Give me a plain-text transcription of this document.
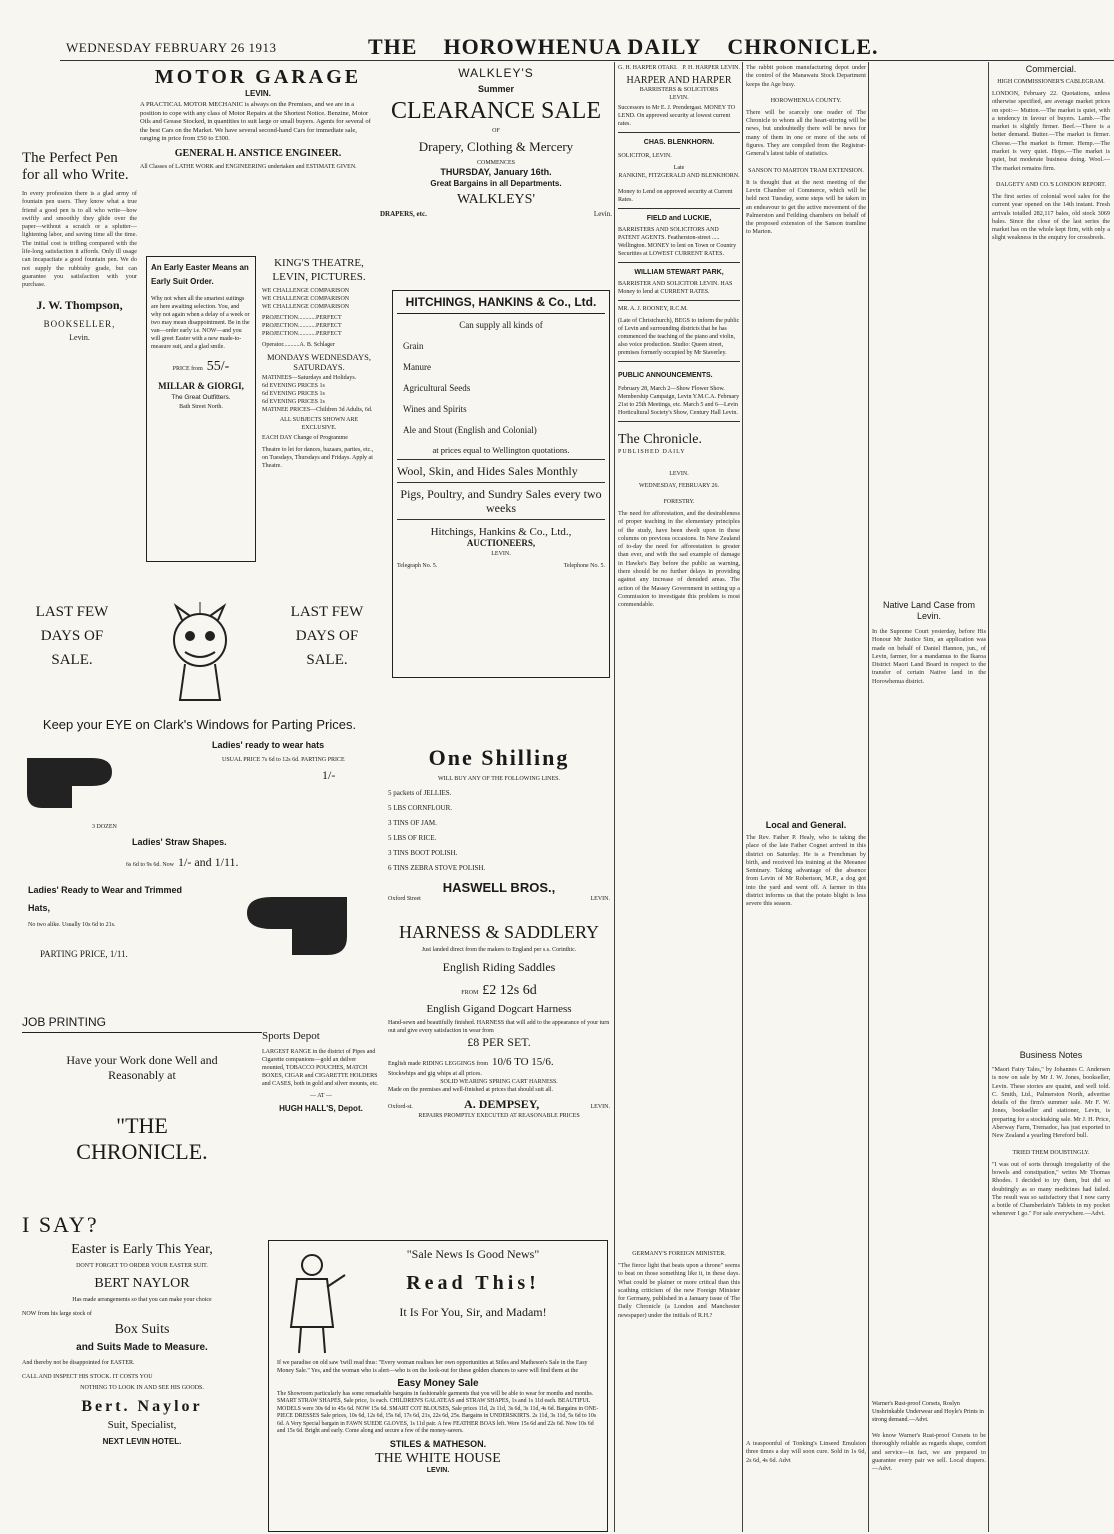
WEDNESDAY FEBRUARY 26 1913	THE HOROWHENUA DAILY CHRONICLE.
The Perfect Pen for all who Write.
In every profession there is a glad army of fountain pen users. They know what a true friend a good pen is to all who write—how swiftly and smoothly they glide over the paper—without a scratch or a splutter—lightening labor, and saving time all the time. The initial cost is trifling compared with the life-long satisfaction it affords. Only ill usage can incapacitate a good fountain pen. We do not supply the rubbishy grade, but can guarantee you satisfaction with your purchase.
J. W. Thompson,
BOOKSELLER,
Levin.
MOTOR GARAGE
LEVIN.
A PRACTICAL MOTOR MECHANIC is always on the Premises, and we are in a position to cope with any class of Motor Repairs at the Shortest Notice. Benzine, Motor Oils and Grease Stocked, in quantities to suit large or small buyers. Agents for several of the best Cars on the Market. We have several second-hand Cars for immediate sale, ranging in price from £50 to £300.
GENERAL H. ANSTICE ENGINEER.
All Classes of LATHE WORK and ENGINEERING undertaken and ESTIMATE GIVEN.
WALKLEY'S
Summer
CLEARANCE SALE
OF
Drapery, Clothing & Mercery
COMMENCES
THURSDAY, January 16th.
Great Bargains in all Departments.
WALKLEYS'
DRAPERS, etc.	Levin.
An Early Easter Means an Early Suit Order.
Why not when all the smartest suitings are here awaiting selection. You, and why not again when a delay of a week or two may mean disappointment. Be in the van—order early i.e. NOW—and you will greet Easter with a new made-to-measure suit, and a glad smile.
PRICE from 55/-
MILLAR & GIORGI,
The Great Outfitters.
Bath Street North.
KING'S THEATRE, LEVIN, PICTURES.
WE CHALLENGE COMPARISON
WE CHALLENGE COMPARISON
WE CHALLENGE COMPARISON
PROJECTION............PERFECT
PROJECTION............PERFECT
PROJECTION............PERFECT
Operator...........A. B. Schlager
MONDAYS WEDNESDAYS, SATURDAYS.
MATINEES—Saturdays and Holidays.
6d EVENING PRICES 1s
6d EVENING PRICES 1s
6d EVENING PRICES 1s
MATINEE PRICES—Children 3d Adults, 6d.
ALL SUBJECTS SHOWN ARE EXCLUSIVE.
EACH DAY Change of Programme
Theatre to let for dances, bazaars, parties, etc., on Tuesdays, Thursdays and Fridays. Apply at Theatre.
HITCHINGS, HANKINS & Co., Ltd.
Can supply all kinds of
Grain
Manure
Agricultural Seeds
Wines and Spirits
Ale and Stout (English and Colonial)
at prices equal to Wellington quotations.
Wool, Skin, and Hides Sales Monthly
Pigs, Poultry, and Sundry Sales every two weeks
Hitchings, Hankins & Co., Ltd.,
AUCTIONEERS,
LEVIN.
Telegraph No. 5.	Telephone No. 5.
LAST FEW DAYS OF SALE.
LAST FEW DAYS OF SALE.
Keep your EYE on Clark's Windows for Parting Prices.
Ladies' ready to wear hats
USUAL PRICE 7s 6d to 12s 6d. PARTING PRICE
1/-
3 DOZEN
Ladies' Straw Shapes.
6s 6d to 9s 6d. Now 1/- and 1/11.
Ladies' Ready to Wear and Trimmed Hats,
No two alike. Usually 10s 6d to 21s.
PARTING PRICE, 1/11.
One Shilling
WILL BUY ANY OF THE FOLLOWING LINES.
5 packets of JELLIES.
5 LBS CORNFLOUR.
3 TINS OF JAM.
5 LBS OF RICE.
3 TINS BOOT POLISH.
6 TINS ZEBRA STOVE POLISH.
HASWELL BROS.,
Oxford Street	LEVIN.
HARNESS & SADDLERY
Just landed direct from the makers to England per s.s. Corinthic.
English Riding Saddles
FROM £2 12s 6d
English Gigand Dogcart Harness
Hand-sewn and beautifully finished. HARNESS that will add to the appearance of your turn out and give every satisfaction in wear from
£8 PER SET.
English made RIDING LEGGINGS from 10/6 TO 15/6.
Stockwhips and gig whips at all prices.
SOLID WEARING SPRING CART HARNESS.
Made on the premises and well-finished at prices that should suit all.
Oxford-st.	A. DEMPSEY,	LEVIN.
REPAIRS PROMPTLY EXECUTED AT REASONABLE PRICES
JOB PRINTING
Have your Work done Well and Reasonably at
"THE CHRONICLE.
Sports Depot
LARGEST RANGE in the district of Pipes and Cigarette companions—gold an dsilver mounted, TOBACCO POUCHES, MATCH BOXES, CIGAR and CIGARETTE HOLDERS and CASES, both in gold and silver mounts, etc.
— AT —
HUGH HALL'S, Depot.
I SAY?
Easter is Early This Year,
DON'T FORGET TO ORDER YOUR EASTER SUIT.
BERT NAYLOR
Has made arrangements so that you can make your choice
NOW from his large stock of
Box Suits
and Suits Made to Measure.
And thereby not be disappointed for EASTER.
CALL AND INSPECT HIS STOCK. IT COSTS YOU
NOTHING TO LOOK IN AND SEE HIS GOODS.
Bert. Naylor
Suit, Specialist,
NEXT LEVIN HOTEL.
"Sale News Is Good News"
Read This!
It Is For You, Sir, and Madam!
If we paradise on old saw 'twill read thus: "Every woman realises her own opportunities at Stiles and Matheson's Sale in the Easy Money Sale." Yes, and the woman who is alert—who is on the look-out for these golden chances to save will find them at the
Easy Money Sale
The Showroom particularly has some remarkable bargains in fashionable garments that you will be able to wear for months and months. SMART STRAW SHAPES, Sale price, 1s each. CHILDREN'S GALATEAS and STRAW SHAPES, 1s and 1s 11d each. BEAUTIFUL MODELS were 30s 6d to 45s 6d. NOW 15s 6d. SMART COT BLOUSES, Sale prices 11d, 2s 11d, 3s 6d, 3s 11d, 4s 6d. Bargains in ONE-PIECE DRESSES Sale prices, 10s 6d, 12s 6d, 15s 6d, 17s 6d, 21s, 22s 6d, 25s. Bargains in UNDERSKIRTS. 2s 11d, 3s 11d, 5s 6d to 10s 6d. A Very Special bargain in FAWN SUEDE GLOVES, 1s 11d pair. A few FEATHER BOAS left. Were 15s 6d and 22s 6d. Now 10s 6d and 15s 6d. Bright and early. Come along and secure a few of the money-savers.
STILES & MATHESON.
THE WHITE HOUSE
LEVIN.
G. H. HARPER OTAKI. P. H. HARPER LEVIN.
HARPER AND HARPER
BARRISTERS & SOLICITORS
LEVIN.
Successors to Mr E. J. Prendergast. MONEY TO LEND. On approved security at lowest current rates.
CHAS. BLENKHORN.
SOLICITOR, LEVIN.
Late
RANKINE, FITZGERALD AND BLENKHORN.
Money to Lend on approved security at Current Rates.
FIELD and LUCKIE,
BARRISTERS AND SOLICITORS AND PATENT AGENTS. Featherston-street ..... Wellington. MONEY to lent on Town or Country Securities at LOWEST CURRENT RATES.
WILLIAM STEWART PARK,
BARRISTER AND SOLICITOR LEVIN. HAS Money to lend at CURRENT RATES.
MR. A. J. ROONEY, R.C.M.
(Late of Christchurch), BEGS to inform the public of Levin and surrounding districts that he has commenced the teaching of the piano and violin, also voice production. Studio: Queen street, premises formerly occupied by Mr Staverley.
PUBLIC ANNOUNCEMENTS.
February 28, March 2—Show Flower Show. Membership Campaign, Levin Y.M.C.A. February 21st to 25th Meetings, etc. March 5 and 6—Levin Horticultural Society's Show, Century Hall Levin.
The Chronicle.
PUBLISHED DAILY
LEVIN.
WEDNESDAY, FEBRUARY 26.
FORESTRY.
The need for afforestation, and the desirableness of proper teaching in the elementary principles of the study, have been dwelt upon in these columns on previous occasions. In New Zealand of to-day the need for afforestation is greater than ever, and with the sad example of damage in Hawke's Bay before the public as warning, there should be no further delays in providing against any increase of denuded areas. The action of the Massey Government in setting up a Commission to investigate this problem is most commendable.
GERMANY'S FOREIGN MINISTER.
"The fierce light that beats upon a throne" seems to beat on those something like it, in these days. What could be plainer or more critical than this scathing criticism of the new Foreign Minister for Germany, published in a January issue of The Daily Chronicle (a London and Manchester newspaper) under the initials of R.H.?
The rabbit poison manufacturing depot under the control of the Manawatu Stock Department keeps the Age busy.
HOROWHENUA COUNTY.
There will be scarcely one reader of The Chronicle to whom all the heart-stirring will be news, but undoubtedly there will be news for many of them in one or more of the sets of figures. They are compiled from the Registrar-General's latest table of statistics.
SANSON TO MARTON TRAM EXTENSION.
It is thought that at the next meeting of the Levin Chamber of Commerce, which will be held next Tuesday, some steps will be taken in an endeavour to get the active movement of the Palmerston and Feilding chambers on behalf of the proposed extension of the Sanson tramline to Marton.
Local and General.
The Rev. Father P. Healy, who is taking the place of the late Father Cognet arrived in this district on Saturday. He is a Frenchman by birth, and received his training at the Meeanee Seminary. Taking advantage of the absence from Levin of Mr Robertson, M.P., a dog got into the yard and went off. A farmer in this district informs us that the potato blight is less severe this season.
A teaspoonful of Tonking's Linseed Emulsion three times a day will soon cure. Sold in 1s 6d, 2s 6d, 4s 6d. Advt
Native Land Case from Levin.
In the Supreme Court yesterday, before His Honour Mr Justice Sim, an application was made on behalf of Daniel Hannon, jun., of Levin, farmer, for a mandamus to the Ikaroa District Maori Land Board in respect to the transfer of certain Native land in the Horowhenua district.
Warner's Rust-proof Corsets, Roslyn Unshrinkable Underwear and Hoyle's Prints in strong demand.—Advt.
We know Warner's Rust-proof Corsets to be thoroughly reliable as regards shape, comfort and service—in fact, we are prepared to guarantee every pair we sell. Local drapers.—Advt.
Commercial.
HIGH COMMISSIONER'S CABLEGRAM.
LONDON, February 22. Quotations, unless otherwise specified, are average market prices on spot:— Mutton.—The market is quiet, with a tendency in favour of buyers. Lamb.—The market is slightly firmer. Beef.—There is a better demand. Butter.—The market is firmer. Cheese.—The market is firmer. Hemp.—The market is very quiet. Hops.—The market is quiet, but moderate business doing. Wool.—The market remains firm.
DALGETY AND CO.'S LONDON REPORT.
The first series of colonial wool sales for the current year opened on the 14th instant. Fresh arrivals totalled 282,117 bales, old stock 3069 bales. Since the close of the last series the market has on the whole kept firm, with only a slight weakness in the enquiry for crossbreds.
Business Notes
"Maori Fairy Tales," by Johannes C. Andersen is now on sale by Mr J. W. Jones, bookseller, Levin. These stories are quaint, and well told. C. Smith, Ltd., Palmerston North, advertise details of the firm's summer sale. Mr F. W. Jones, bookseller and stationer, Levin, is preparing for a stocktaking sale. Mr J. H. Price, Aberway Farm, Tremadoc, has just exported to New Zealand a yearling Hereford bull.
TRIED THEM DOUBTINGLY.
"I was out of sorts through irregularity of the bowels and constipation," writes Mr Thomas Rhodes. I decided to try them, but did so doubtingly as so many medicines had failed. The result was so satisfactory that I now carry a bottle of Chamberlain's Tablets in my pocket whenever I go." For sale everywhere.—Advt.
